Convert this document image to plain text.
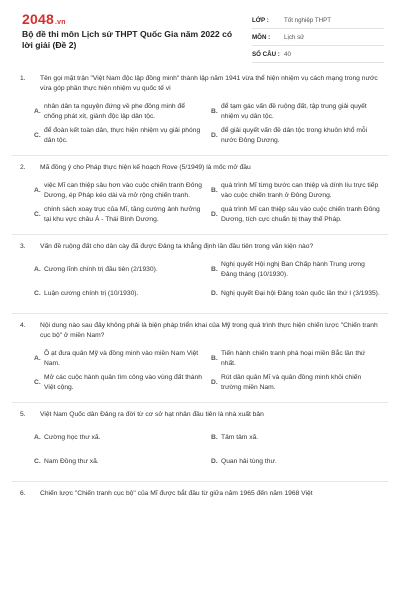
2048.vn
Bộ đề thi môn Lịch sử THPT Quốc Gia năm 2022 có lời giải (Đề 2)
LỚP :	Tốt nghiệp THPT
MÔN :	Lịch sử
SỐ CÂU : 40
1.	Tên gọi mặt trận "Việt Nam độc lập đồng minh" thành lập năm 1941 vừa thể hiện nhiệm vụ cách mạng trong nước vừa góp phần thực hiện nhiệm vụ quốc tế vì
A.
nhân dân ta nguyện đứng về phe đồng minh để chống phát xít, giành độc lập dân tộc.
B.
để tạm gác vấn đề ruộng đất, tập trung giải quyết nhiệm vụ dân tộc.
C.
để đoàn kết toàn dân, thực hiện nhiệm vụ giải phóng dân tộc.
D.
để giải quyết vấn đề dân tộc trong khuôn khổ mỗi nước Đông Dương.
2.	Mã đồng ý cho Pháp thực hiện kế hoạch Rove (5/1949) là mốc mở đầu
A.
việc Mĩ can thiệp sâu hơn vào cuộc chiến tranh Đông Dương, ép Pháp kéo dài và mở rộng chiến tranh.
B.
quá trình Mĩ từng bước can thiệp và dính líu trực tiếp vào cuộc chiến tranh ở Đông Dương.
C.
chính sách xoay trục của Mĩ, tăng cường ảnh hưởng tại khu vực châu Á - Thái Bình Dương.
D.
quá trình Mĩ can thiệp sâu vào cuộc chiến tranh Đông Dương, tích cực chuẩn bị thay thế Pháp.
3.	Vấn đề ruộng đất cho dân cày đã được Đảng ta khẳng định lần đầu tiên trong văn kiện nào?
A. Cương lĩnh chính trị đầu tiên (2/1930).	B.
Nghị quyết Hội nghị Ban Chấp hành Trung ương Đảng tháng (10/1930).
C. Luận cương chính trị (10/1930).	D. Nghị quyết Đại hội Đảng toàn quốc lần thứ I (3/1935).
4.	Nội dung nào sau đây không phải là biện pháp triển khai của Mỹ trong quá trình thực hiện chiến lược "Chiến tranh cục bộ" ở miền Nam?
A.
Ồ ạt đưa quân Mỹ và đồng minh vào miền Nam Việt Nam.
B.
Tiến hành chiến tranh phá hoại miền Bắc lần thứ nhất.
C.
Mở các cuộc hành quân tìm công vào vùng đất thánh Việt cộng.
D.
Rút dần quân Mĩ và quân đồng minh khỏi chiến trường miền Nam.
5.	Việt Nam Quốc dân Đảng ra đời từ cơ sở hạt nhân đầu tiên là nhà xuất bản
A. Cường học thư xã.	B. Tâm tâm xã.
C. Nam Đồng thư xã.	D. Quan hải tùng thư.
6.	Chiến lược "Chiến tranh cục bộ" của Mĩ được bắt đầu từ giữa năm 1965 đến năm 1968 Việt
